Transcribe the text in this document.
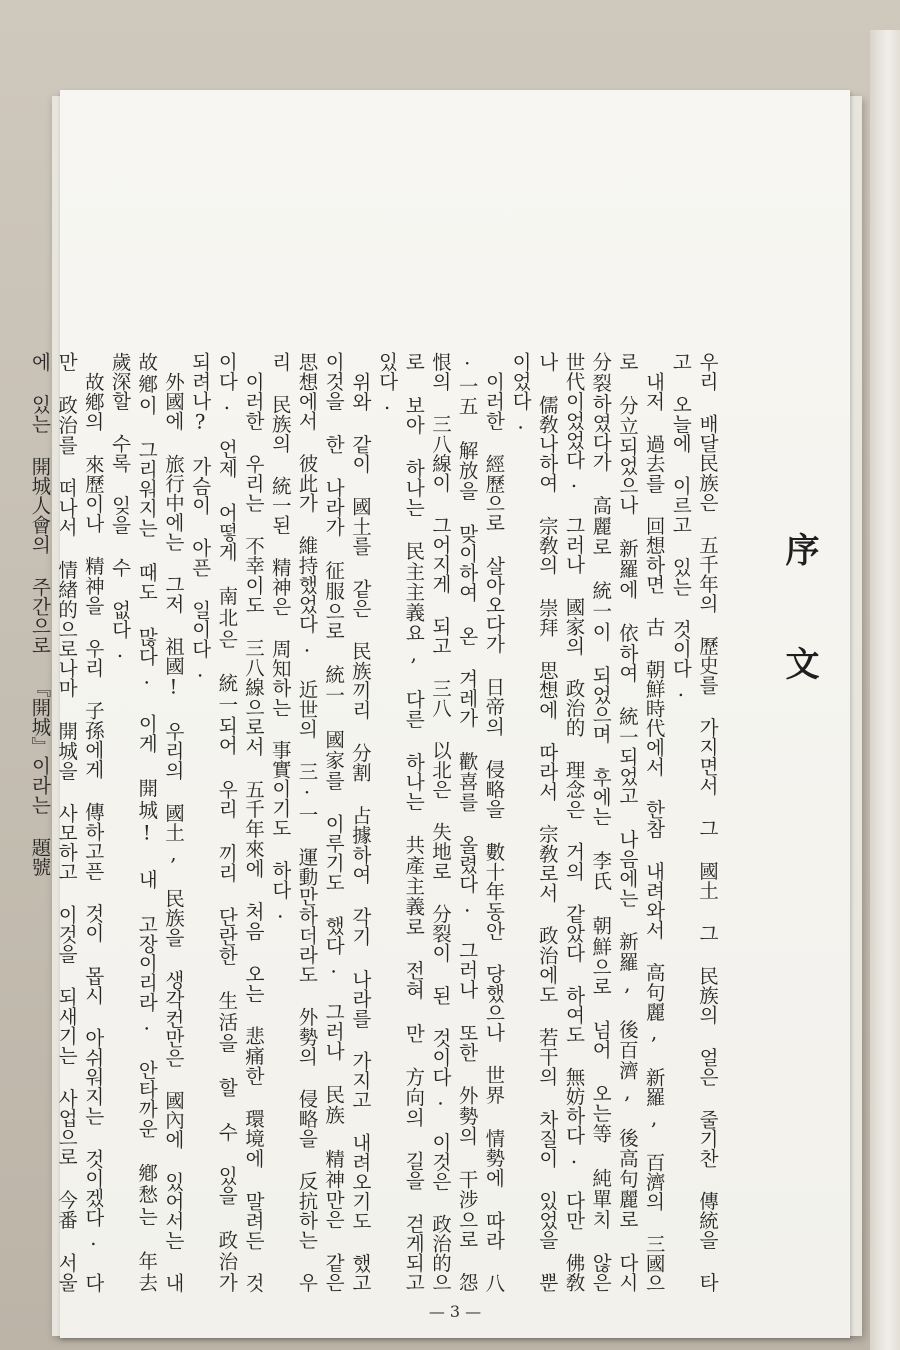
序 文

우리 배달民族은 五千年의 歷史를 가지면서 그 國土 그 民族의 얼은 줄기찬 傳統을 타고 오늘에 이르고 있는 것이다.

내저 過去를 回想하면 古 朝鮮時代에서 한참 내려와서 高句麗, 新羅, 百濟의 三國으로 分立되었으나 新羅에 依하여 統一되었고 나음에는 新羅, 後百濟, 後高句麗로 다시 分裂하였다가 高麗로 統一이 되었으며 후에는 李氏 朝鮮으로 넘어 오는等 純單치 않은 世代이었었다. 그러나 國家의 政治的 理念은 거의 같았다 하여도 無妨하다. 다만 佛敎나 儒敎나하여 宗敎의 崇拜 思想에 따라서 宗敎로서 政治에도 若干의 차질이 있었을 뿐이었다.

이러한 經歷으로 살아오다가 日帝의 侵略을 數十年동안 당했으나 世界 情勢에 따라 八·一五 解放을 맞이하여 온 겨레가 歡喜를 올렸다. 그러나 또한 外勢의 干涉으로 怨恨의 三八線이 그어지게 되고 三八 以北은 失地로 分裂이 된 것이다. 이것은 政治的으로 보아 하나는 民主主義요, 다른 하나는 共產主義로 전혀 만 方向의 길을 걷게되고 있다.

위와 같이 國土를 같은 民族끼리 分割 占據하여 각기 나라를 가지고 내려오기도 했고 이것을 한 나라가 征服으로 統一 國家를 이루기도 했다. 그러나 民族 精神만은 같은 思想에서 彼此가 維持했었다. 近世의 三·一 運動만하더라도 外勢의 侵略을 反抗하는 우리 民族의 統一된 精神은 周知하는 事實이기도 하다.

이러한 우리는 不幸이도 三八線으로서 五千年來에 처음 오는 悲痛한 環境에 말려든 것이다. 언제 어떻게 南北은 統一되어 우리 끼리 단란한 生活을 할 수 있을 政治가 되려나? 가슴이 아픈 일이다.

外國에 旅行中에는 그저 祖國! 우리의 國土, 民族을 생각컨만은 國內에 있어서는 내 故鄕이 그리워지는 때도 많다. 이게 開城! 내 고장이리라. 안타까운 鄕愁는 年去 歲深할 수록 잊을 수 없다.

故鄕의 來歷이나 精神을 우리 子孫에게 傳하고픈 것이 몹시 아쉬워지는 것이겠다. 다만 政治를 떠나서 情緖的으로나마 開城을 사모하고 이것을 되새기는 사업으로 今番 서울에 있는 開城人會의 주간으로 『開城』이라는 題號

— 3 —
